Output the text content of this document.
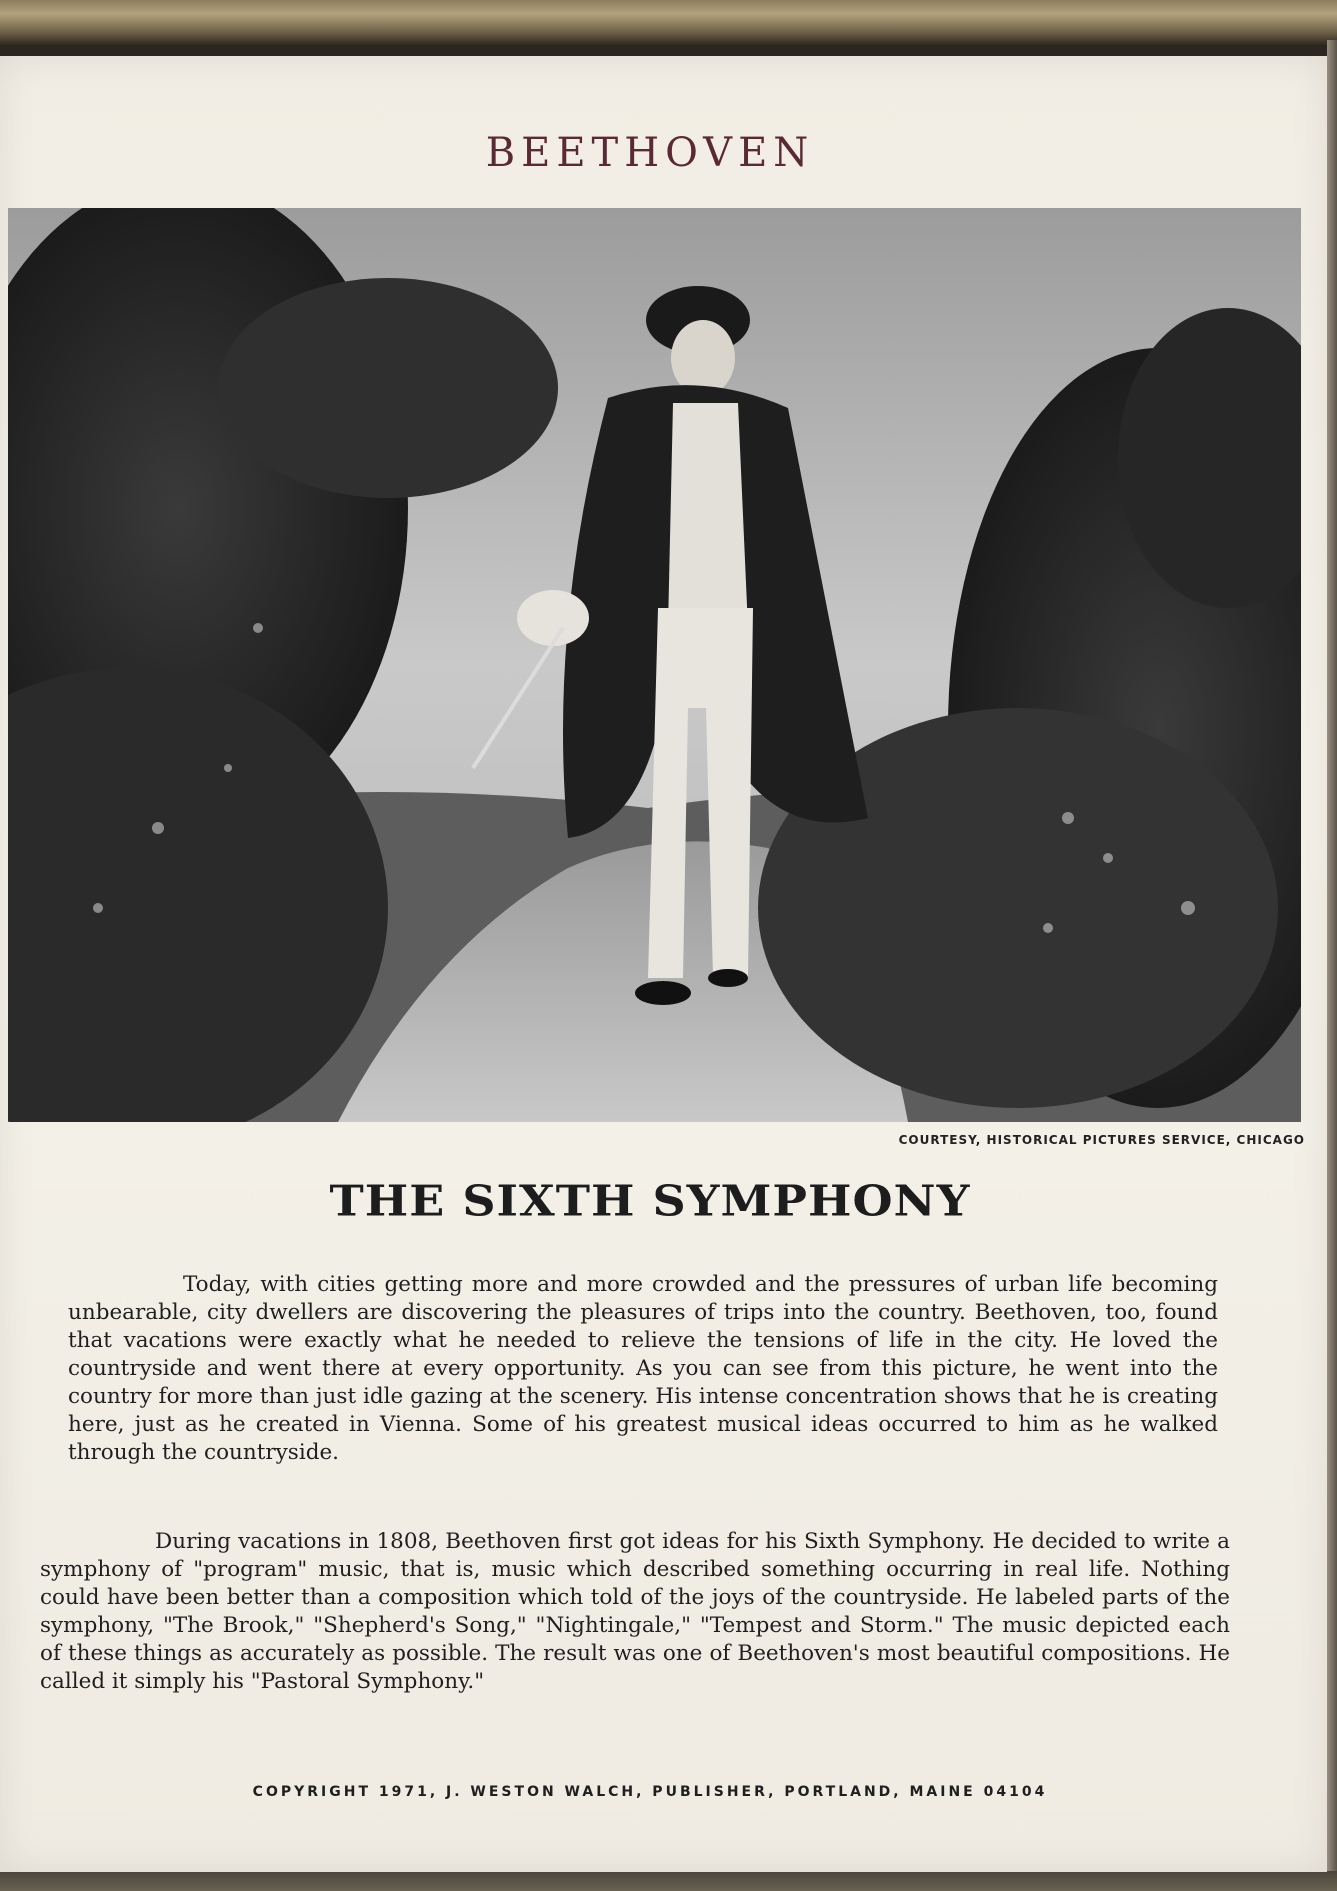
BEETHOVEN
COURTESY, HISTORICAL PICTURES SERVICE, CHICAGO
THE SIXTH SYMPHONY

Today, with cities getting more and more crowded and the pressures of urban life becoming unbearable, city dwellers are discovering the pleasures of trips into the country. Beethoven, too, found that vacations were exactly what he needed to relieve the tensions of life in the city. He loved the countryside and went there at every opportunity. As you can see from this picture, he went into the country for more than just idle gazing at the scenery. His intense concentration shows that he is creating here, just as he created in Vienna. Some of his greatest musical ideas occurred to him as he walked through the countryside.

During vacations in 1808, Beethoven first got ideas for his Sixth Symphony. He decided to write a symphony of "program" music, that is, music which described something occurring in real life. Nothing could have been better than a composition which told of the joys of the countryside. He labeled parts of the symphony, "The Brook," "Shepherd's Song," "Nightingale," "Tempest and Storm." The music depicted each of these things as accurately as possible. The result was one of Beethoven's most beautiful compositions. He called it simply his "Pastoral Symphony."

COPYRIGHT 1971, J. WESTON WALCH, PUBLISHER, PORTLAND, MAINE 04104
